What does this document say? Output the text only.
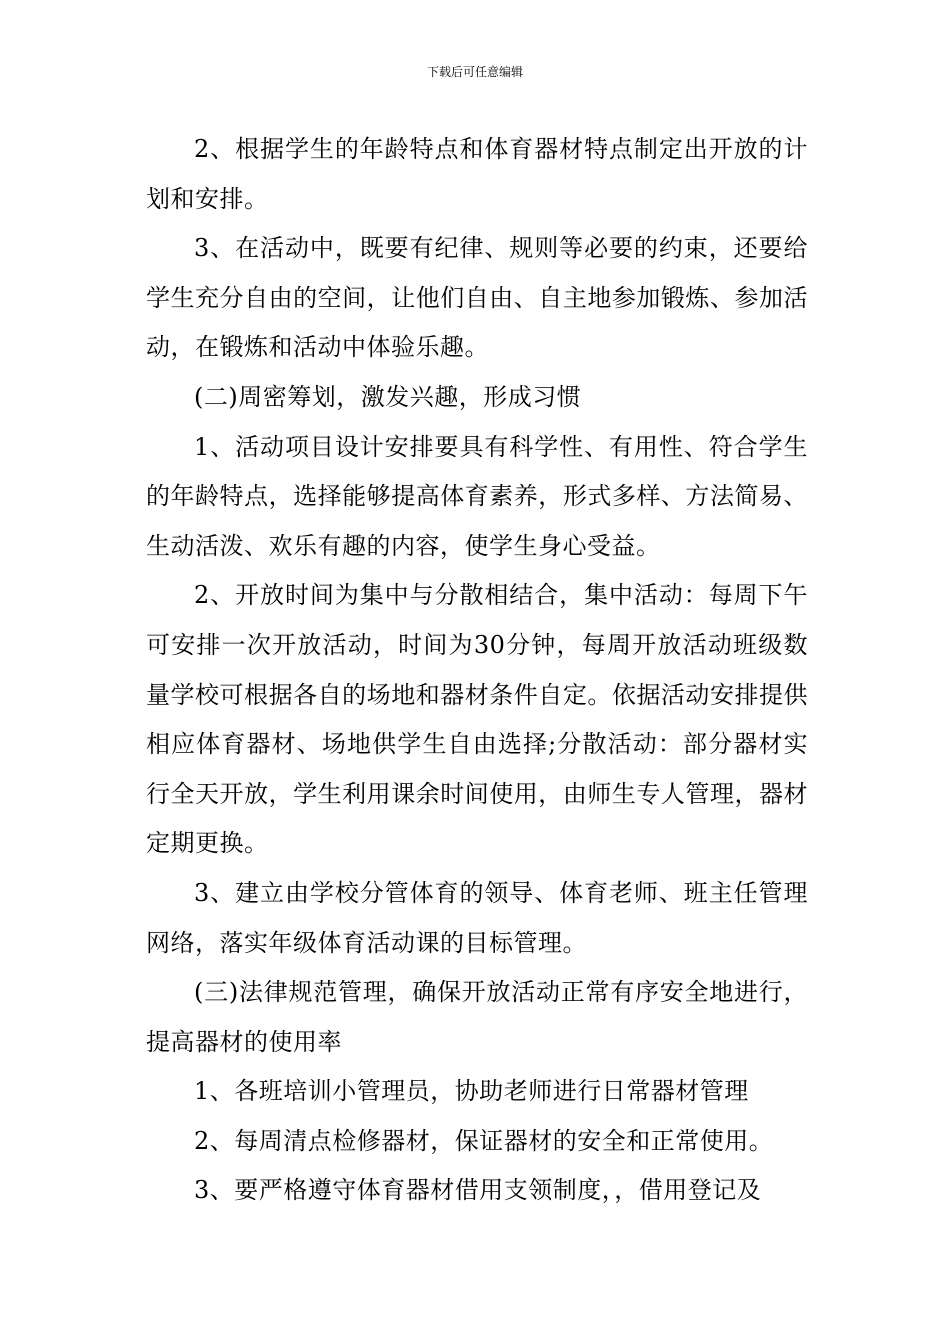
下载后可任意编辑

2、根据学生的年龄特点和体育器材特点制定出开放的计划和安排。

3、在活动中，既要有纪律、规则等必要的约束，还要给学生充分自由的空间，让他们自由、自主地参加锻炼、参加活动，在锻炼和活动中体验乐趣。

(二)周密筹划，激发兴趣，形成习惯

1、活动项目设计安排要具有科学性、有用性、符合学生的年龄特点，选择能够提高体育素养，形式多样、方法简易、生动活泼、欢乐有趣的内容，使学生身心受益。

2、开放时间为集中与分散相结合，集中活动：每周下午可安排一次开放活动，时间为30分钟，每周开放活动班级数量学校可根据各自的场地和器材条件自定。依据活动安排提供相应体育器材、场地供学生自由选择;分散活动：部分器材实行全天开放，学生利用课余时间使用，由师生专人管理，器材定期更换。

3、建立由学校分管体育的领导、体育老师、班主任管理网络，落实年级体育活动课的目标管理。

(三)法律规范管理，确保开放活动正常有序安全地进行，提高器材的使用率

1、各班培训小管理员，协助老师进行日常器材管理

2、每周清点检修器材，保证器材的安全和正常使用。

3、要严格遵守体育器材借用支领制度，，借用登记及
